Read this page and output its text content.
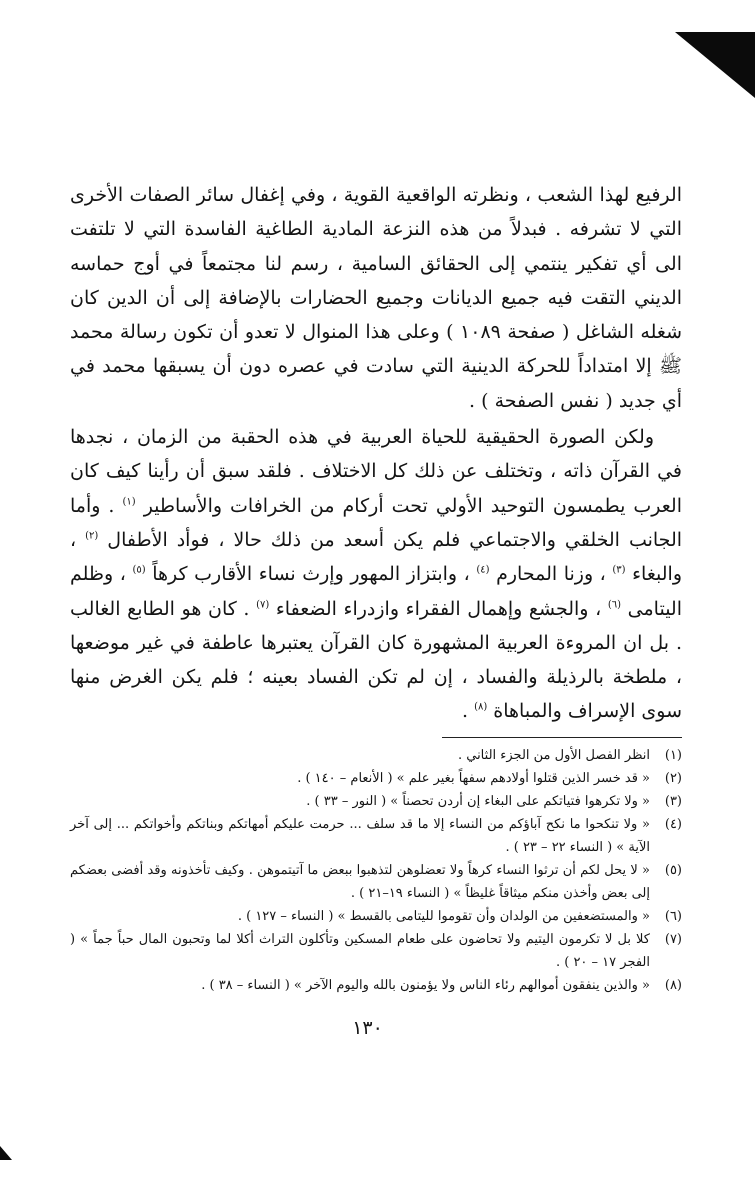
الرفيع لهذا الشعب ، ونظرته الواقعية القوية ، وفي إغفال سائر الصفات الأخرى التي لا تشرفه . فبدلاً من هذه النزعة المادية الطاغية الفاسدة التي لا تلتفت الى أي تفكير ينتمي إلى الحقائق السامية ، رسم لنا مجتمعاً في أوج حماسه الديني التقت فيه جميع الديانات وجميع الحضارات بالإضافة إلى أن الدين كان شغله الشاغل ( صفحة ١٠٨٩ ) وعلى هذا المنوال لا تعدو أن تكون رسالة محمد ﷺ إلا امتداداً للحركة الدينية التي سادت في عصره دون أن يسبقها محمد في أي جديد ( نفس الصفحة ) .

ولكن الصورة الحقيقية للحياة العربية في هذه الحقبة من الزمان ، نجدها في القرآن ذاته ، وتختلف عن ذلك كل الاختلاف . فلقد سبق أن رأينا كيف كان العرب يطمسون التوحيد الأولي تحت أركام من الخرافات والأساطير $^{(١)}$ . وأما الجانب الخلقي والاجتماعي فلم يكن أسعد من ذلك حالا ، فوأد الأطفال $^{(٢)}$ ، والبغاء $^{(٣)}$ ، وزنا المحارم $^{(٤)}$ ، وابتزاز المهور وإرث نساء الأقارب كرهاً $^{(٥)}$ ، وظلم اليتامى $^{(٦)}$ ، والجشع وإهمال الفقراء وازدراء الضعفاء $^{(٧)}$ . كان هو الطابع الغالب . بل ان المروءة العربية المشهورة كان القرآن يعتبرها عاطفة في غير موضعها ، ملطخة بالرذيلة والفساد ، إن لم تكن الفساد بعينه ؛ فلم يكن الغرض منها سوى الإسراف والمباهاة $^{(٨)}$ .

(١)
انظر الفصل الأول من الجزء الثاني .
(٢)
« قد خسر الذين قتلوا أولادهم سفهاً بغير علم » ( الأنعام – ١٤٠ ) .
(٣)
« ولا تكرهوا فتياتكم على البغاء إن أردن تحصناً » ( النور – ٣٣ ) .
(٤)
« ولا تنكحوا ما نكح آباؤكم من النساء إلا ما قد سلف ... حرمت عليكم أمهاتكم وبناتكم وأخواتكم ... إلى آخر الآية » ( النساء ٢٢ – ٢٣ ) .
(٥)
« لا يحل لكم أن ترثوا النساء كرهاً ولا تعضلوهن لتذهبوا ببعض ما آتيتموهن . وكيف تأخذونه وقد أفضى بعضكم إلى بعض وأخذن منكم ميثاقاً غليظاً » ( النساء ١٩–٢١ ) .
(٦)
« والمستضعفين من الولدان وأن تقوموا لليتامى بالقسط » ( النساء – ١٢٧ ) .
(٧)
كلا بل لا تكرمون اليتيم ولا تحاضون على طعام المسكين وتأكلون التراث أكلا لما وتحبون المال حباً جماً » ( الفجر ١٧ – ٢٠ ) .
(٨)
« والذين ينفقون أموالهم رئاء الناس ولا يؤمنون بالله واليوم الآخر » ( النساء – ٣٨ ) .
١٣٠
